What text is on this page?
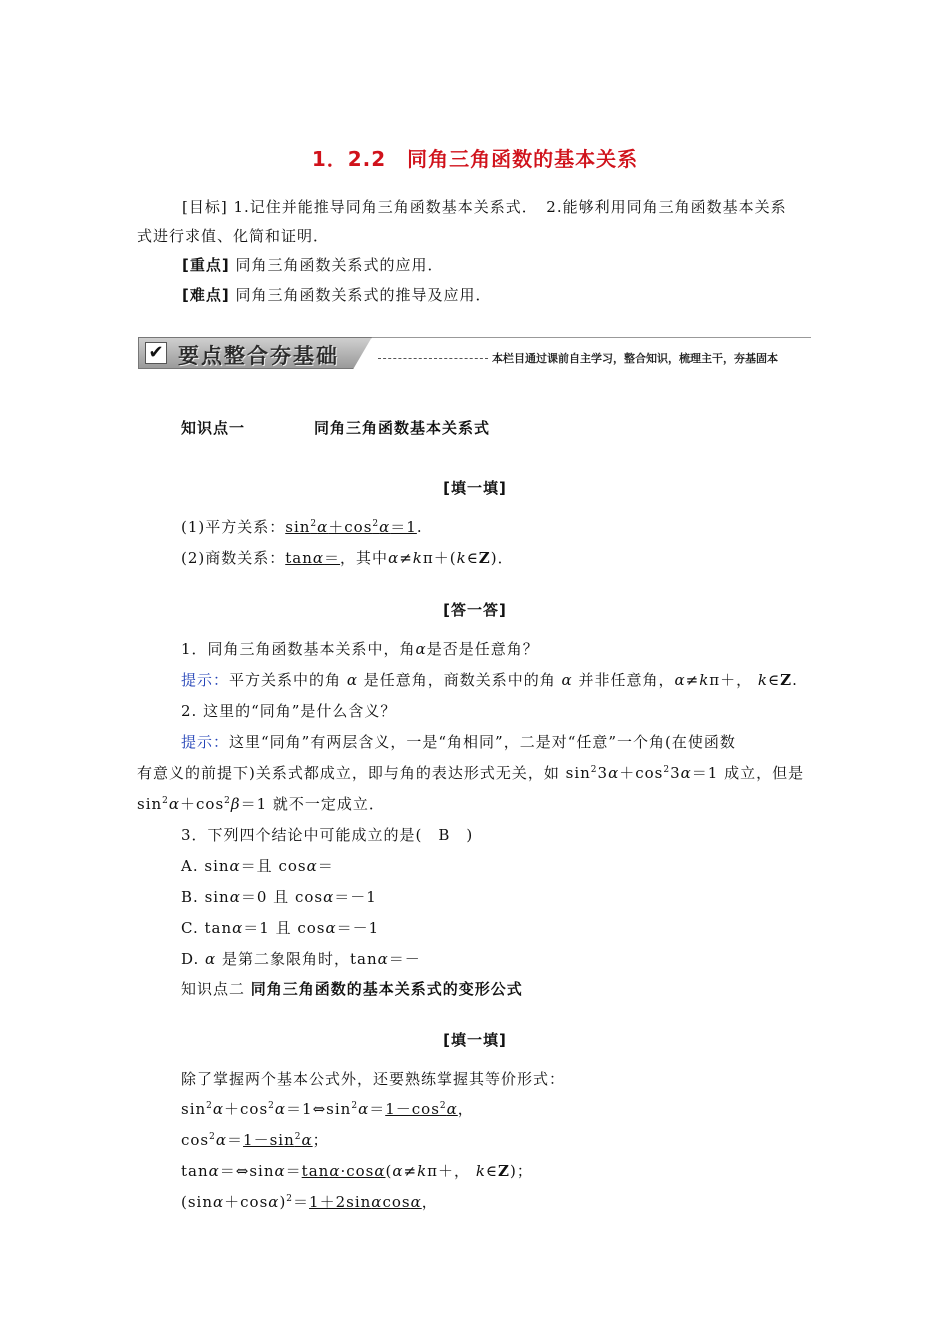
1．2.2　同角三角函数的基本关系
[目标] 1.记住并能推导同角三角函数基本关系式．　2.能够利用同角三角函数基本关系
式进行求值、化简和证明．
[重点] 同角三角函数关系式的应用．
[难点] 同角三角函数关系式的推导及应用．
✔ 要点整合夯基础	本栏目通过课前自主学习，整合知识，梳理主干，夯基固本
知识点一	同角三角函数基本关系式
[填一填]
(1)平方关系：$\sin^2\alpha+\cos^2\alpha=1$.
(2)商数关系：tanα＝，其中α≠kπ＋(k∈Z)．
[答一答]
1．同角三角函数基本关系中，角α是否是任意角？
提示：平方关系中的角 α 是任意角，商数关系中的角 α 并非任意角，α≠kπ＋， k∈Z.
2. 这里的“同角”是什么含义？
提示：这里“同角”有两层含义，一是“角相同”，二是对“任意”一个角(在使函数
有意义的前提下)关系式都成立，即与角的表达形式无关，如 $\sin^23\alpha+\cos^23\alpha=1$ 成立，但是
$\sin^2\alpha+\cos^2\beta=1$ 就不一定成立．
3．下列四个结论中可能成立的是(　B　)
A. sinα＝且 cosα＝
B. sinα＝0 且 cosα＝－1
C. tanα＝1 且 cosα＝－1
D. α 是第二象限角时，tanα＝－
知识点二 同角三角函数的基本关系式的变形公式
[填一填]
除了掌握两个基本公式外，还要熟练掌握其等价形式：
$\sin^2\alpha+\cos^2\alpha=1\Leftrightarrow\sin^2\alpha=1-\cos^2\alpha$，
$\cos^2\alpha=1-\sin^2\alpha$；
tanα＝⇔sinα＝tanα·cosα(α≠kπ＋， k∈Z)；
$(\sin\alpha+\cos\alpha)^2=1+2\sin\alpha\cos\alpha$，
